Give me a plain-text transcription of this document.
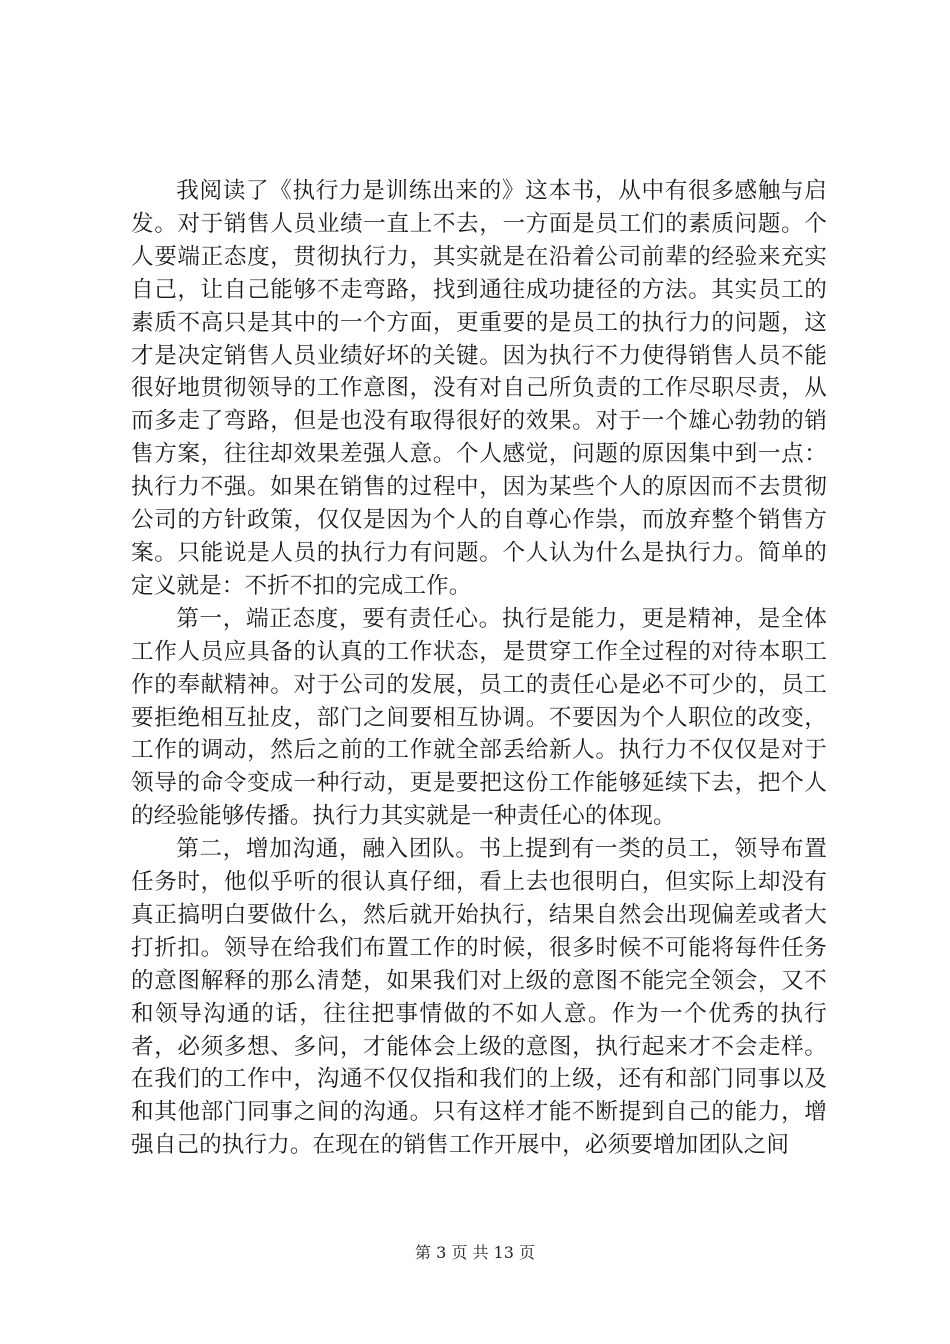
我阅读了《执行力是训练出来的》这本书，从中有很多感触与启发。对于销售人员业绩一直上不去，一方面是员工们的素质问题。个人要端正态度，贯彻执行力，其实就是在沿着公司前辈的经验来充实自己，让自己能够不走弯路，找到通往成功捷径的方法。其实员工的素质不高只是其中的一个方面，更重要的是员工的执行力的问题，这才是决定销售人员业绩好坏的关键。因为执行不力使得销售人员不能很好地贯彻领导的工作意图，没有对自己所负责的工作尽职尽责，从而多走了弯路，但是也没有取得很好的效果。对于一个雄心勃勃的销售方案，往往却效果差强人意。个人感觉，问题的原因集中到一点：执行力不强。如果在销售的过程中，因为某些个人的原因而不去贯彻公司的方针政策，仅仅是因为个人的自尊心作祟，而放弃整个销售方案。只能说是人员的执行力有问题。个人认为什么是执行力。简单的定义就是：不折不扣的完成工作。

第一，端正态度，要有责任心。执行是能力，更是精神，是全体工作人员应具备的认真的工作状态，是贯穿工作全过程的对待本职工作的奉献精神。对于公司的发展，员工的责任心是必不可少的，员工要拒绝相互扯皮，部门之间要相互协调。不要因为个人职位的改变，工作的调动，然后之前的工作就全部丢给新人。执行力不仅仅是对于领导的命令变成一种行动，更是要把这份工作能够延续下去，把个人的经验能够传播。执行力其实就是一种责任心的体现。

第二，增加沟通，融入团队。书上提到有一类的员工，领导布置任务时，他似乎听的很认真仔细，看上去也很明白，但实际上却没有真正搞明白要做什么，然后就开始执行，结果自然会出现偏差或者大打折扣。领导在给我们布置工作的时候，很多时候不可能将每件任务的意图解释的那么清楚，如果我们对上级的意图不能完全领会，又不和领导沟通的话，往往把事情做的不如人意。作为一个优秀的执行者，必须多想、多问，才能体会上级的意图，执行起来才不会走样。在我们的工作中，沟通不仅仅指和我们的上级，还有和部门同事以及和其他部门同事之间的沟通。只有这样才能不断提到自己的能力，增强自己的执行力。在现在的销售工作开展中，必须要增加团队之间

第 3 页 共 13 页
